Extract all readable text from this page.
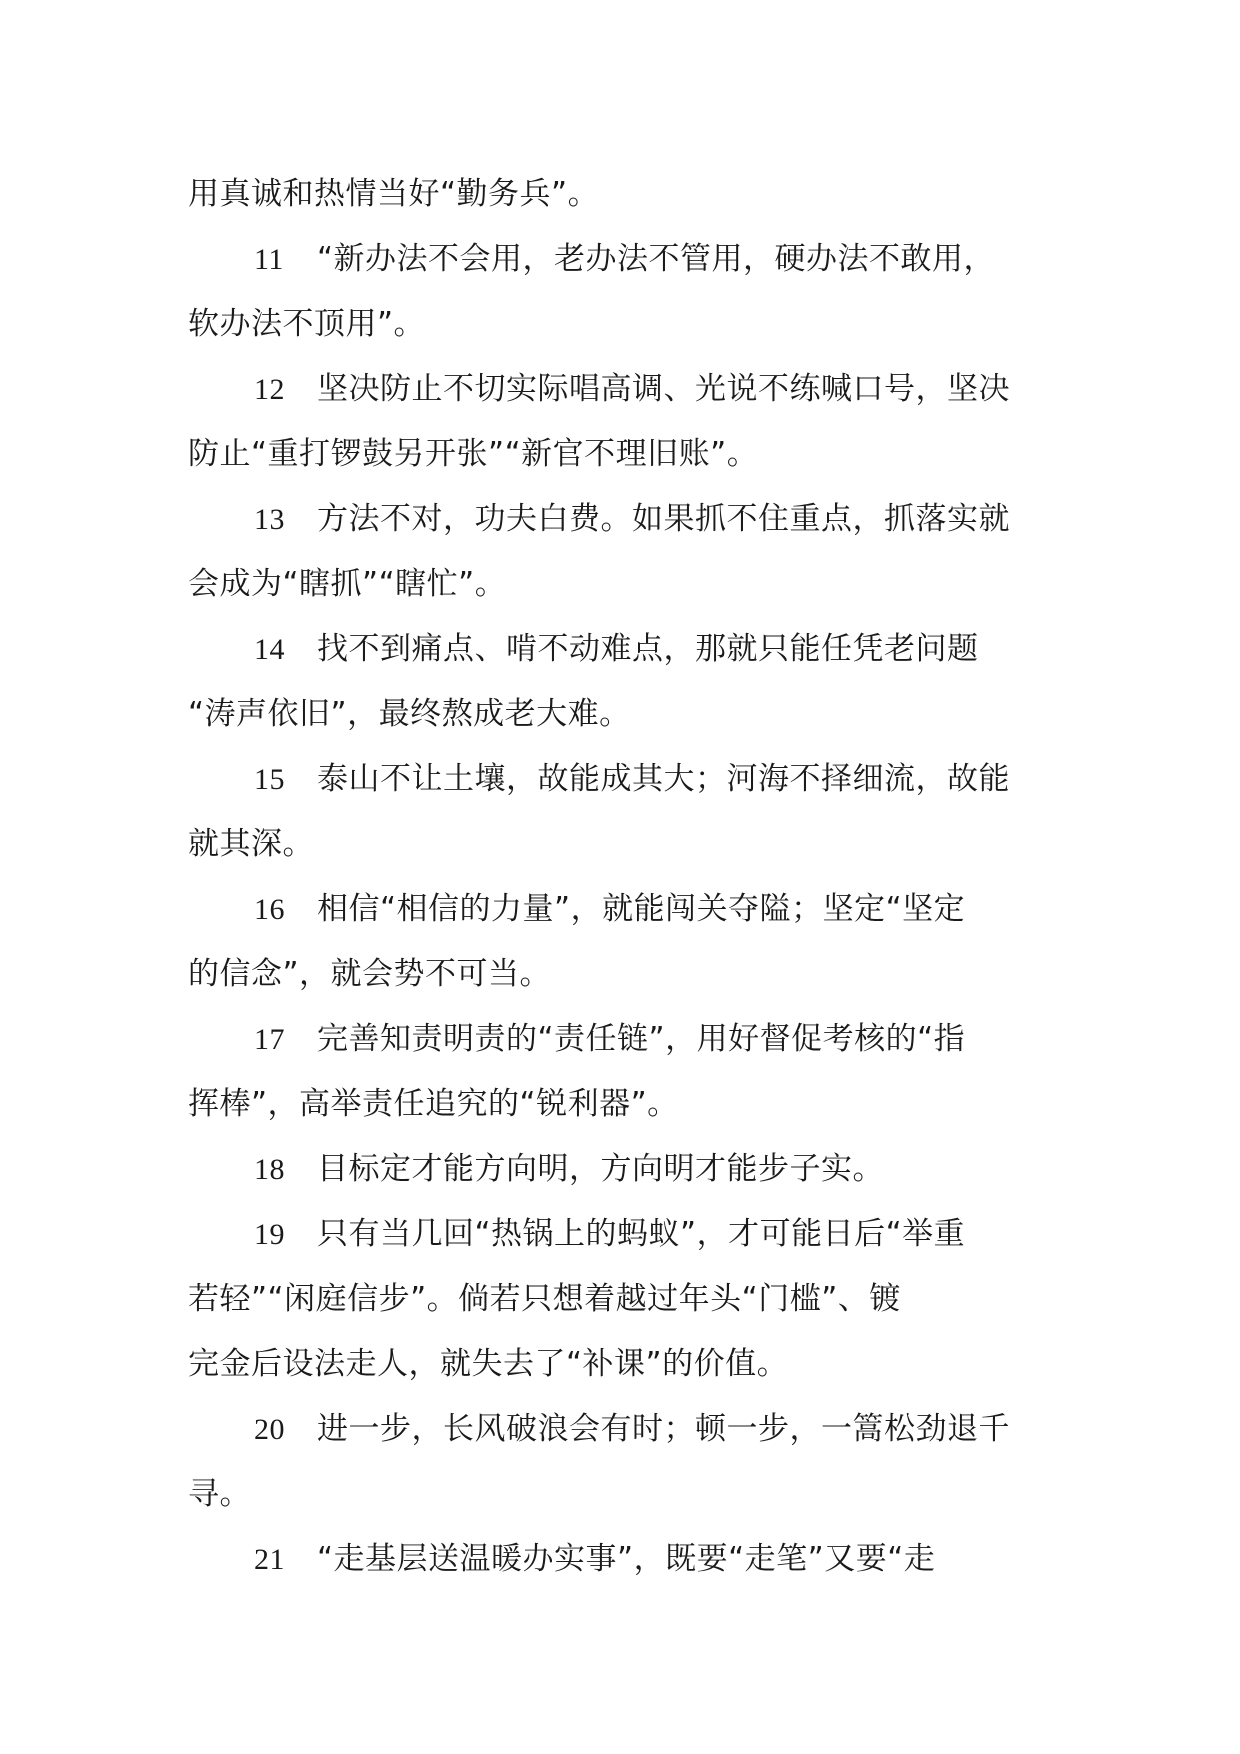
用真诚和热情当好“勤务兵”。
11 “新办法不会用，老办法不管用，硬办法不敢用，
软办法不顶用”。
12 坚决防止不切实际唱高调、光说不练喊口号，坚决
防止“重打锣鼓另开张”“新官不理旧账”。
13 方法不对，功夫白费。如果抓不住重点，抓落实就
会成为“瞎抓”“瞎忙”。
14 找不到痛点、啃不动难点，那就只能任凭老问题
“涛声依旧”，最终熬成老大难。
15 泰山不让土壤，故能成其大；河海不择细流，故能
就其深。
16 相信“相信的力量”，就能闯关夺隘；坚定“坚定
的信念”，就会势不可当。
17 完善知责明责的“责任链”，用好督促考核的“指
挥棒”，高举责任追究的“锐利器”。
18 目标定才能方向明，方向明才能步子实。
19 只有当几回“热锅上的蚂蚁”，才可能日后“举重
若轻”“闲庭信步”。倘若只想着越过年头“门槛”、镀
完金后设法走人，就失去了“补课”的价值。
20 进一步，长风破浪会有时；顿一步，一篙松劲退千
寻。
21 “走基层送温暖办实事”，既要“走笔”又要“走
